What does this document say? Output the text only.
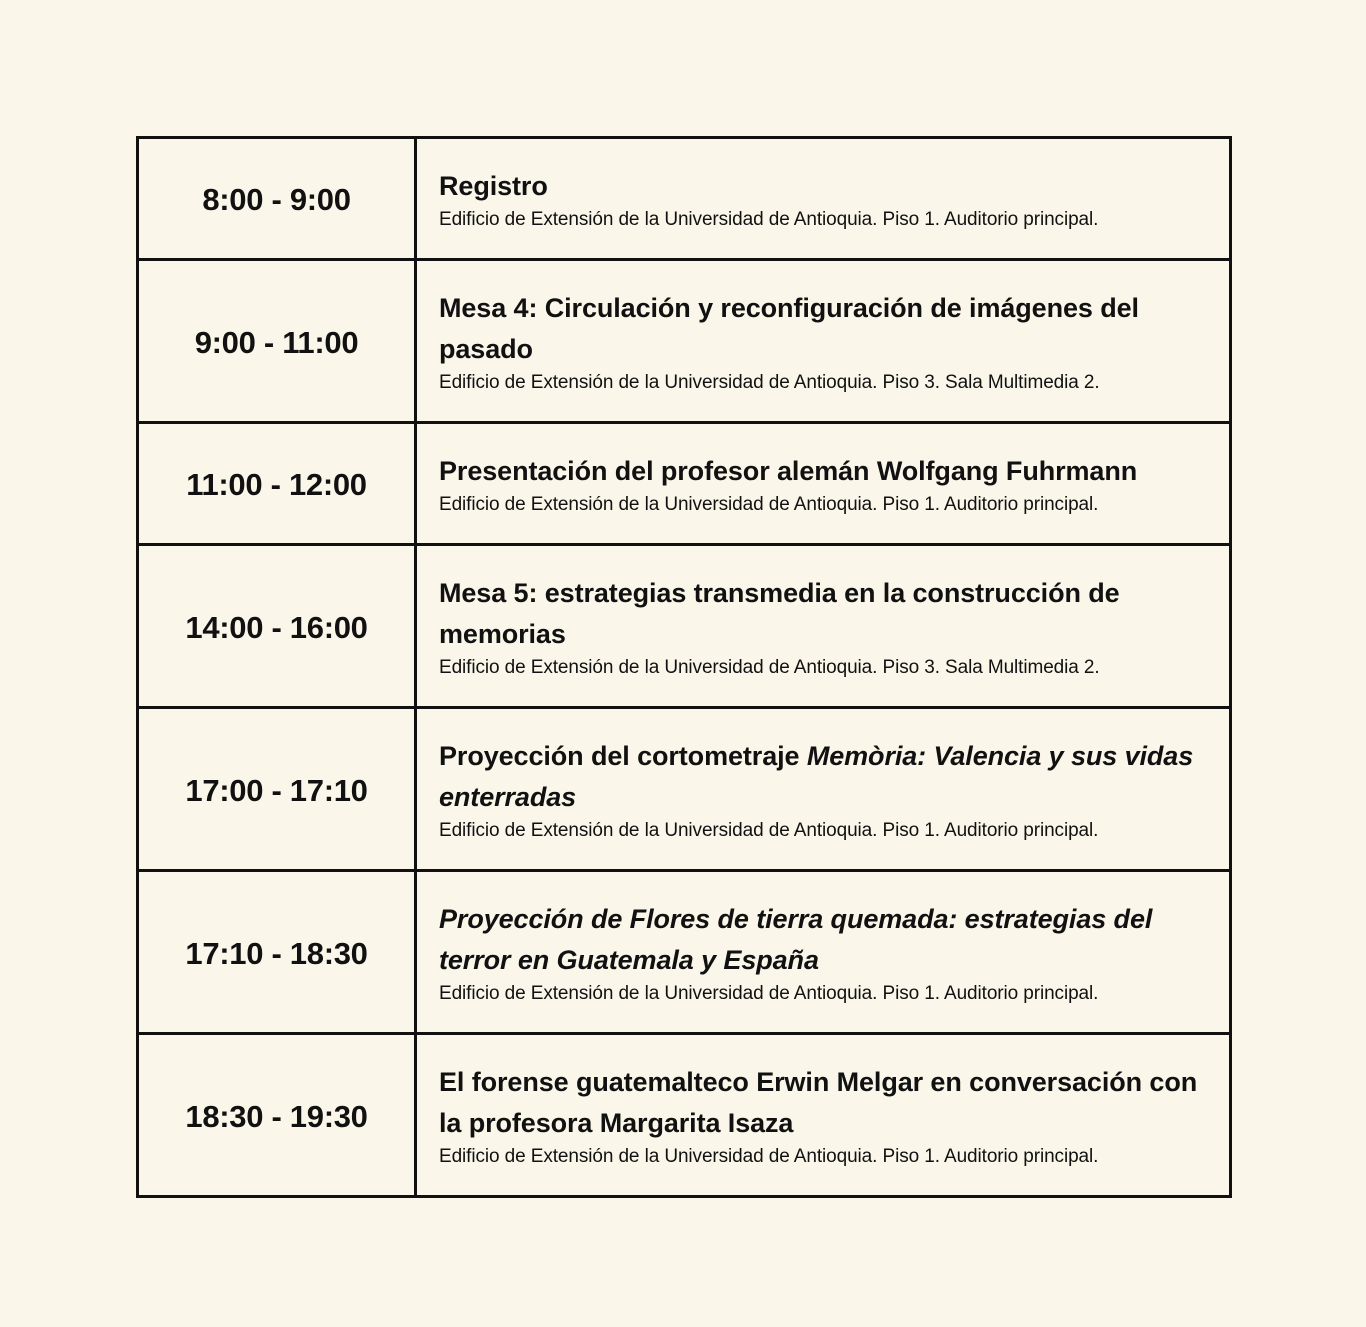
8:00 - 9:00	Registro
Edificio de Extensión de la Universidad de Antioquia. Piso 1. Auditorio principal.

9:00 - 11:00	Mesa 4: Circulación y reconfiguración de imágenes del pasado
Edificio de Extensión de la Universidad de Antioquia. Piso 3. Sala Multimedia 2.

11:00 - 12:00	Presentación del profesor alemán Wolfgang Fuhrmann
Edificio de Extensión de la Universidad de Antioquia. Piso 1. Auditorio principal.

14:00 - 16:00	Mesa 5: estrategias transmedia en la construcción de memorias
Edificio de Extensión de la Universidad de Antioquia. Piso 3. Sala Multimedia 2.

17:00 - 17:10	Proyección del cortometraje Memòria: Valencia y sus vidas enterradas
Edificio de Extensión de la Universidad de Antioquia. Piso 1. Auditorio principal.

17:10 - 18:30	Proyección de Flores de tierra quemada: estrategias del terror en Guatemala y España
Edificio de Extensión de la Universidad de Antioquia. Piso 1. Auditorio principal.

18:30 - 19:30	El forense guatemalteco Erwin Melgar en conversación con la profesora Margarita Isaza
Edificio de Extensión de la Universidad de Antioquia. Piso 1. Auditorio principal.
